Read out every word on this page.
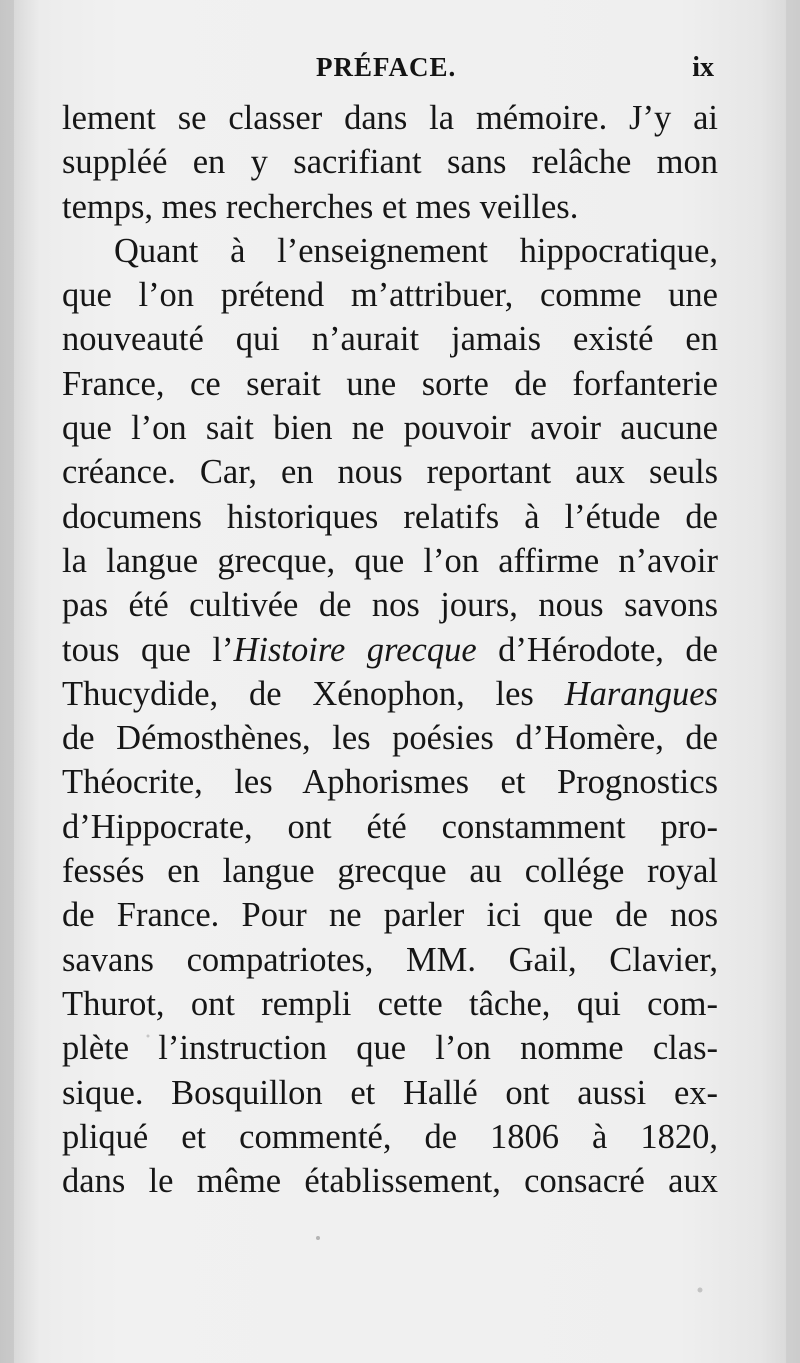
PRÉFACE.	ix
lement se classer dans la mémoire. J’y ai
suppléé en y sacrifiant sans relâche mon
temps, mes recherches et mes veilles.
Quant à l’enseignement hippocratique,
que l’on prétend m’attribuer, comme une
nouveauté qui n’aurait jamais existé en
France, ce serait une sorte de forfanterie
que l’on sait bien ne pouvoir avoir aucune
créance. Car, en nous reportant aux seuls
documens historiques relatifs à l’étude de
la langue grecque, que l’on affirme n’avoir
pas été cultivée de nos jours, nous savons
tous que l’Histoire grecque d’Hérodote, de
Thucydide, de Xénophon, les Harangues
de Démosthènes, les poésies d’Homère, de
Théocrite, les Aphorismes et Prognostics
d’Hippocrate, ont été constamment pro-
fessés en langue grecque au collége royal
de France. Pour ne parler ici que de nos
savans compatriotes, MM. Gail, Clavier,
Thurot, ont rempli cette tâche, qui com-
plète l’instruction que l’on nomme clas-
sique. Bosquillon et Hallé ont aussi ex-
pliqué et commenté, de 1806 à 1820,
dans le même établissement, consacré aux
